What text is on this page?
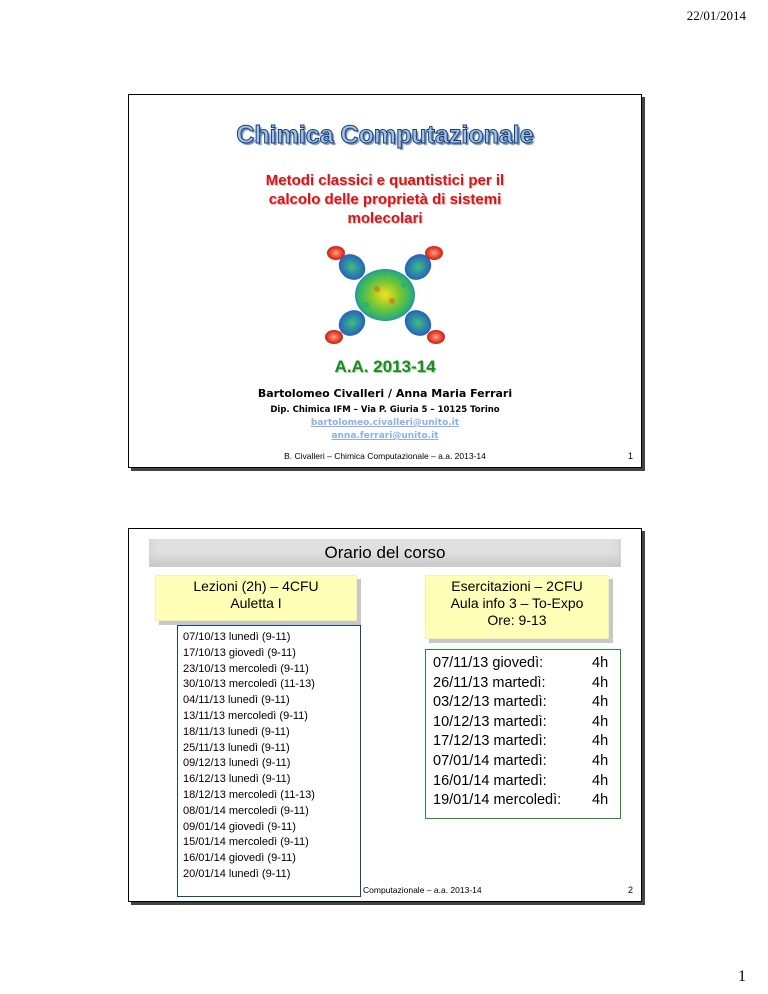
22/01/2014
Chimica Computazionale
Metodi classici e quantistici per il
calcolo delle proprietà di sistemi
molecolari
A.A. 2013-14
Bartolomeo Civalleri / Anna Maria Ferrari
Dip. Chimica IFM – Via P. Giuria 5 – 10125 Torino
bartolomeo.civalleri@unito.it
anna.ferrari@unito.it
B. Civalleri – Chimica Computazionale – a.a. 2013-14	1
Orario del corso
Lezioni (2h) – 4CFU
Auletta I
Esercitazioni – 2CFU
Aula info 3 – To-Expo
Ore: 9-13
07/10/13 lunedì (9-11)
17/10/13 giovedì (9-11)
23/10/13 mercoledì (9-11)
30/10/13 mercoledì (11-13)
04/11/13 lunedì (9-11)
13/11/13 mercoledì (9-11)
18/11/13 lunedì (9-11)
25/11/13 lunedì (9-11)
09/12/13 lunedì (9-11)
16/12/13 lunedì (9-11)
18/12/13 mercoledì (11-13)
08/01/14 mercoledì (9-11)
09/01/14 giovedì (9-11)
15/01/14 mercoledì (9-11)
16/01/14 giovedì (9-11)
20/01/14 lunedì (9-11)
07/11/13 giovedì:	4h
26/11/13 martedì:	4h
03/12/13 martedì:	4h
10/12/13 martedì:	4h
17/12/13 martedì:	4h
07/01/14 martedì:	4h
16/01/14 martedì:	4h
19/01/14 mercoledì:	4h
Computazionale – a.a. 2013-14	2
1
